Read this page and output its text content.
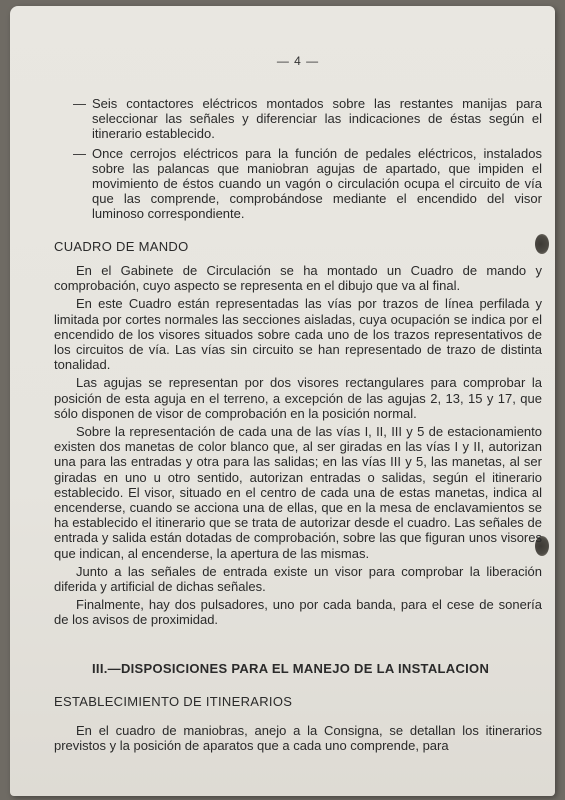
— 4 —
— Seis contactores eléctricos montados sobre las restantes manijas para seleccionar las señales y diferenciar las indicaciones de éstas según el itinerario establecido.
— Once cerrojos eléctricos para la función de pedales eléctricos, instalados sobre las palancas que maniobran agujas de apartado, que impiden el movimiento de éstos cuando un vagón o circulación ocupa el circuito de vía que las comprende, comprobándose mediante el encendido del visor luminoso correspondiente.
CUADRO DE MANDO

En el Gabinete de Circulación se ha montado un Cuadro de mando y comprobación, cuyo aspecto se representa en el dibujo que va al final.

En este Cuadro están representadas las vías por trazos de línea perfilada y limitada por cortes normales las secciones aisladas, cuya ocupación se indica por el encendido de los visores situados sobre cada uno de los trazos representativos de los circuitos de vía. Las vías sin circuito se han representado de trazo de distinta tonalidad.

Las agujas se representan por dos visores rectangulares para comprobar la posición de esta aguja en el terreno, a excepción de las agujas 2, 13, 15 y 17, que sólo disponen de visor de comprobación en la posición normal.

Sobre la representación de cada una de las vías I, II, III y 5 de estacionamiento existen dos manetas de color blanco que, al ser giradas en las vías I y II, autorizan una para las entradas y otra para las salidas; en las vías III y 5, las manetas, al ser giradas en uno u otro sentido, autorizan entradas o salidas, según el itinerario establecido. El visor, situado en el centro de cada una de estas manetas, indica al encenderse, cuando se acciona una de ellas, que en la mesa de enclavamientos se ha establecido el itinerario que se trata de autorizar desde el cuadro. Las señales de entrada y salida están dotadas de comprobación, sobre las que figuran unos visores que indican, al encenderse, la apertura de las mismas.

Junto a las señales de entrada existe un visor para comprobar la liberación diferida y artificial de dichas señales.

Finalmente, hay dos pulsadores, uno por cada banda, para el cese de sonería de los avisos de proximidad.

III.—DISPOSICIONES PARA EL MANEJO DE LA INSTALACION
ESTABLECIMIENTO DE ITINERARIOS

En el cuadro de maniobras, anejo a la Consigna, se detallan los itinerarios previstos y la posición de aparatos que a cada uno comprende, para
